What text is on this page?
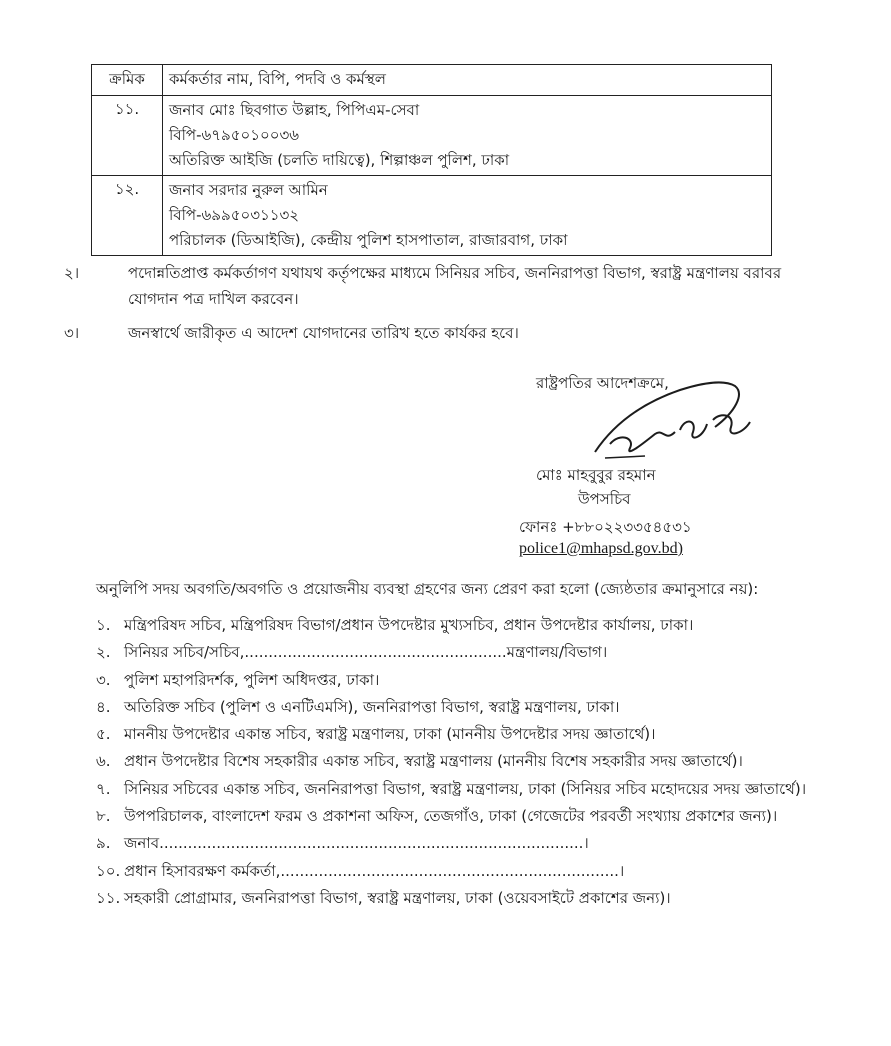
ক্রমিক	কর্মকর্তার নাম, বিপি, পদবি ও কর্মস্থল
১১.	জনাব মোঃ ছিবগাত উল্লাহ, পিপিএম-সেবা
বিপি-৬৭৯৫০১০০৩৬
অতিরিক্ত আইজি (চলতি দায়িত্বে), শিল্পাঞ্চল পুলিশ, ঢাকা

১২.	জনাব সরদার নুরুল আমিন
বিপি-৬৯৯৫০৩১১৩২
পরিচালক (ডিআইজি), কেন্দ্রীয় পুলিশ হাসপাতাল, রাজারবাগ, ঢাকা
২।	পদোন্নতিপ্রাপ্ত কর্মকর্তাগণ যথাযথ কর্তৃপক্ষের মাধ্যমে সিনিয়র সচিব, জননিরাপত্তা বিভাগ, স্বরাষ্ট্র মন্ত্রণালয় বরাবর যোগদান পত্র দাখিল করবেন।
৩।	জনস্বার্থে জারীকৃত এ আদেশ যোগদানের তারিখ হতে কার্যকর হবে।
রাষ্ট্রপতির আদেশক্রমে,
মোঃ মাহবুবুর রহমান
উপসচিব
ফোনঃ +৮৮০২২৩৩৫৪৫৩১
police1@mhapsd.gov.bd)
অনুলিপি সদয় অবগতি/অবগতি ও প্রয়োজনীয় ব্যবস্থা গ্রহণের জন্য প্রেরণ করা হলো (জ্যেষ্ঠতার ক্রমানুসারে নয়):
১. মন্ত্রিপরিষদ সচিব, মন্ত্রিপরিষদ বিভাগ/প্রধান উপদেষ্টার মুখ্যসচিব, প্রধান উপদেষ্টার কার্যালয়, ঢাকা।
২. সিনিয়র সচিব/সচিব,.......................................................মন্ত্রণালয়/বিভাগ।
৩. পুলিশ মহাপরিদর্শক, পুলিশ অধিদপ্তর, ঢাকা।
৪. অতিরিক্ত সচিব (পুলিশ ও এনটিএমসি), জননিরাপত্তা বিভাগ, স্বরাষ্ট্র মন্ত্রণালয়, ঢাকা।
৫. মাননীয় উপদেষ্টার একান্ত সচিব, স্বরাষ্ট্র মন্ত্রণালয়, ঢাকা (মাননীয় উপদেষ্টার সদয় জ্ঞাতার্থে)।
৬. প্রধান উপদেষ্টার বিশেষ সহকারীর একান্ত সচিব, স্বরাষ্ট্র মন্ত্রণালয় (মাননীয় বিশেষ সহকারীর সদয় জ্ঞাতার্থে)।
৭. সিনিয়র সচিবের একান্ত সচিব, জননিরাপত্তা বিভাগ, স্বরাষ্ট্র মন্ত্রণালয়, ঢাকা (সিনিয়র সচিব মহোদয়ের সদয় জ্ঞাতার্থে)।
৮. উপপরিচালক, বাংলাদেশ ফরম ও প্রকাশনা অফিস, তেজগাঁও, ঢাকা (গেজেটের পরবর্তী সংখ্যায় প্রকাশের জন্য)।
৯. জনাব.........................................................................................।
১০. প্রধান হিসাবরক্ষণ কর্মকর্তা,.......................................................................।
১১. সহকারী প্রোগ্রামার, জননিরাপত্তা বিভাগ, স্বরাষ্ট্র মন্ত্রণালয়, ঢাকা (ওয়েবসাইটে প্রকাশের জন্য)।
